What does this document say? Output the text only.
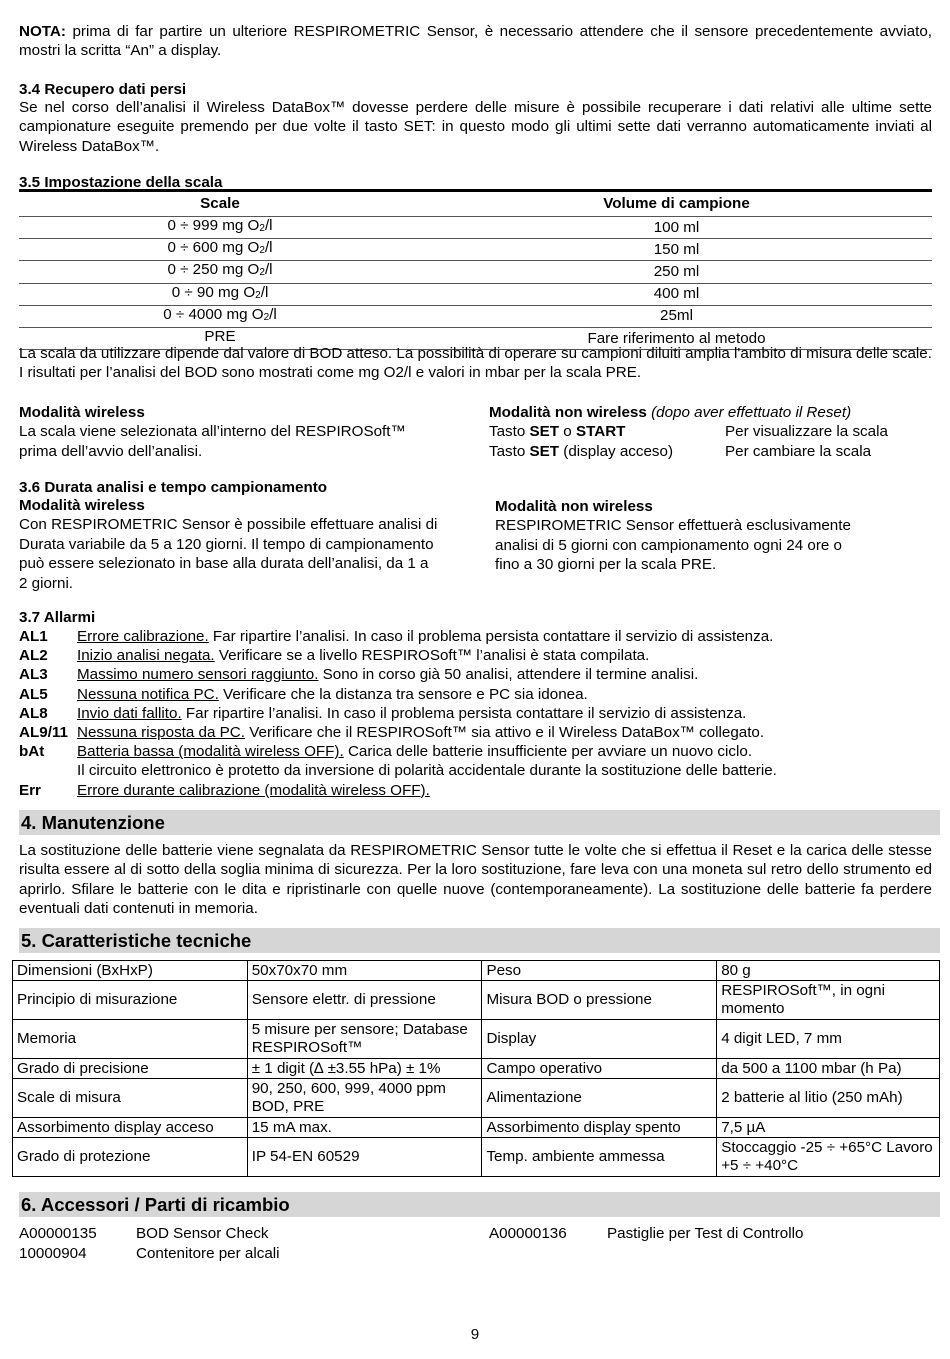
NOTA: prima di far partire un ulteriore RESPIROMETRIC Sensor, è necessario attendere che il sensore precedentemente avviato, mostri la scritta “An” a display.
3.4 Recupero dati persi
Se nel corso dell’analisi il Wireless DataBox™ dovesse perdere delle misure è possibile recuperare i dati relativi alle ultime sette campionature eseguite premendo per due volte il tasto SET: in questo modo gli ultimi sette dati verranno automaticamente inviati al Wireless DataBox™.
3.5 Impostazione della scala
Scale	Volume di campione
0 ÷ 999 mg $O_2/l$	100 ml
0 ÷ 600 mg $O_2/l$	150 ml
0 ÷ 250 mg $O_2/l$	250 ml
0 ÷ 90 mg $O_2/l$	400 ml
0 ÷ 4000 mg $O_2/l$	25ml
PRE	Fare riferimento al metodo
La scala da utilizzare dipende dal valore di BOD atteso. La possibilità di operare su campioni diluiti amplia l'ambito di misura delle scale. I risultati per l’analisi del BOD sono mostrati come mg O2/l e valori in mbar per la scala PRE.
Modalità wireless
La scala viene selezionata all’interno del RESPIROSoft™
prima dell’avvio dell’analisi.
Modalità non wireless (dopo aver effettuato il Reset)
Tasto SET o START	Per visualizzare la scala
Tasto SET (display acceso)	Per cambiare la scala
3.6 Durata analisi e tempo campionamento
Modalità wireless
Con RESPIROMETRIC Sensor è possibile effettuare analisi di
Durata variabile da 5 a 120 giorni. Il tempo di campionamento
può essere selezionato in base alla durata dell’analisi, da 1 a
2 giorni.
Modalità non wireless
RESPIROMETRIC Sensor effettuerà esclusivamente
analisi di 5 giorni con campionamento ogni 24 ore o
fino a 30 giorni per la scala PRE.
3.7 Allarmi
AL1	Errore calibrazione. Far ripartire l’analisi. In caso il problema persista contattare il servizio di assistenza.
AL2	Inizio analisi negata. Verificare se a livello RESPIROSoft™ l’analisi è stata compilata.
AL3	Massimo numero sensori raggiunto. Sono in corso già 50 analisi, attendere il termine analisi.
AL5	Nessuna notifica PC. Verificare che la distanza tra sensore e PC sia idonea.
AL8	Invio dati fallito. Far ripartire l’analisi. In caso il problema persista contattare il servizio di assistenza.
AL9/11 Nessuna risposta da PC. Verificare che il RESPIROSoft™ sia attivo e il Wireless DataBox™ collegato.
bAt	Batteria bassa (modalità wireless OFF). Carica delle batterie insufficiente per avviare un nuovo ciclo.
Il circuito elettronico è protetto da inversione di polarità accidentale durante la sostituzione delle batterie.
Err	Errore durante calibrazione (modalità wireless OFF).
4. Manutenzione
La sostituzione delle batterie viene segnalata da RESPIROMETRIC Sensor tutte le volte che si effettua il Reset e la carica delle stesse risulta essere al di sotto della soglia minima di sicurezza. Per la loro sostituzione, fare leva con una moneta sul retro dello strumento ed aprirlo. Sfilare le batterie con le dita e ripristinarle con quelle nuove (contemporaneamente). La sostituzione delle batterie fa perdere eventuali dati contenuti in memoria.
5. Caratteristiche tecniche
Dimensioni (BxHxP)	50x70x70 mm	Peso	80 g
Principio di misurazione	Sensore elettr. di pressione	Misura BOD o pressione	RESPIROSoft™, in ogni momento
Memoria	5 misure per sensore; Database RESPIROSoft™	Display	4 digit LED, 7 mm
Grado di precisione	± 1 digit (∆ ±3.55 hPa) ± 1%	Campo operativo	da 500 a 1100 mbar (h Pa)
Scale di misura	90, 250, 600, 999, 4000 ppm BOD, PRE	Alimentazione	2 batterie al litio (250 mAh)
Assorbimento display acceso	15 mA max.	Assorbimento display spento	7,5 µA
Grado di protezione	IP 54-EN 60529	Temp. ambiente ammessa	Stoccaggio -25 ÷ +65°C Lavoro +5 ÷ +40°C
6. Accessori / Parti di ricambio
A00000135	BOD Sensor Check	A00000136	Pastiglie per Test di Controllo
10000904	Contenitore per alcali
9
